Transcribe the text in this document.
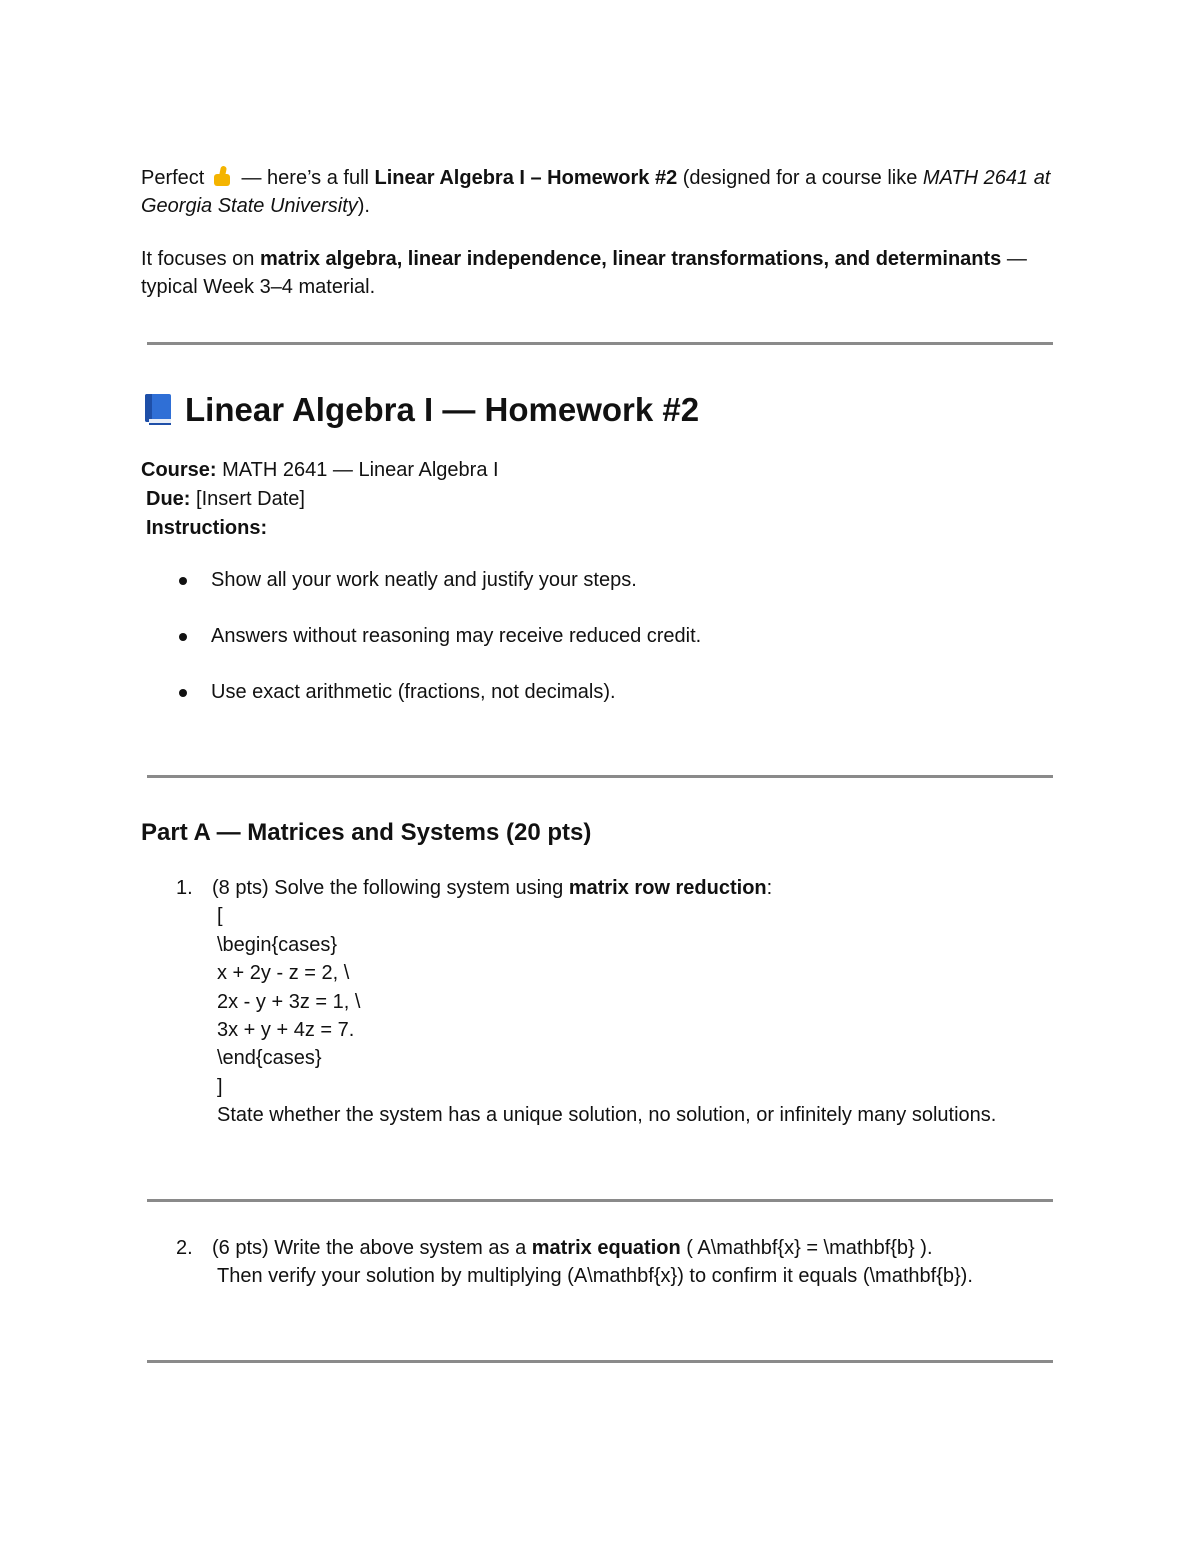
Perfect
— here’s a full Linear Algebra I – Homework #2 (designed for a course like MATH 2641 at Georgia State University).

It focuses on matrix algebra, linear independence, linear transformations, and determinants — typical Week 3–4 material.

Linear Algebra I — Homework #2
Course: MATH 2641 — Linear Algebra I
Due: [Insert Date]
Instructions:
Show all your work neatly and justify your steps.
Answers without reasoning may receive reduced credit.
Use exact arithmetic (fractions, not decimals).
Part A — Matrices and Systems (20 pts)
1. (8 pts) Solve the following system using matrix row reduction:
[
\begin{cases}
x + 2y - z = 2, \
2x - y + 3z = 1, \
3x + y + 4z = 7.
\end{cases}
]
State whether the system has a unique solution, no solution, or infinitely many solutions.
2. (6 pts) Write the above system as a matrix equation ( A\mathbf{x} = \mathbf{b} ).
Then verify your solution by multiplying (A\mathbf{x}) to confirm it equals (\mathbf{b}).
